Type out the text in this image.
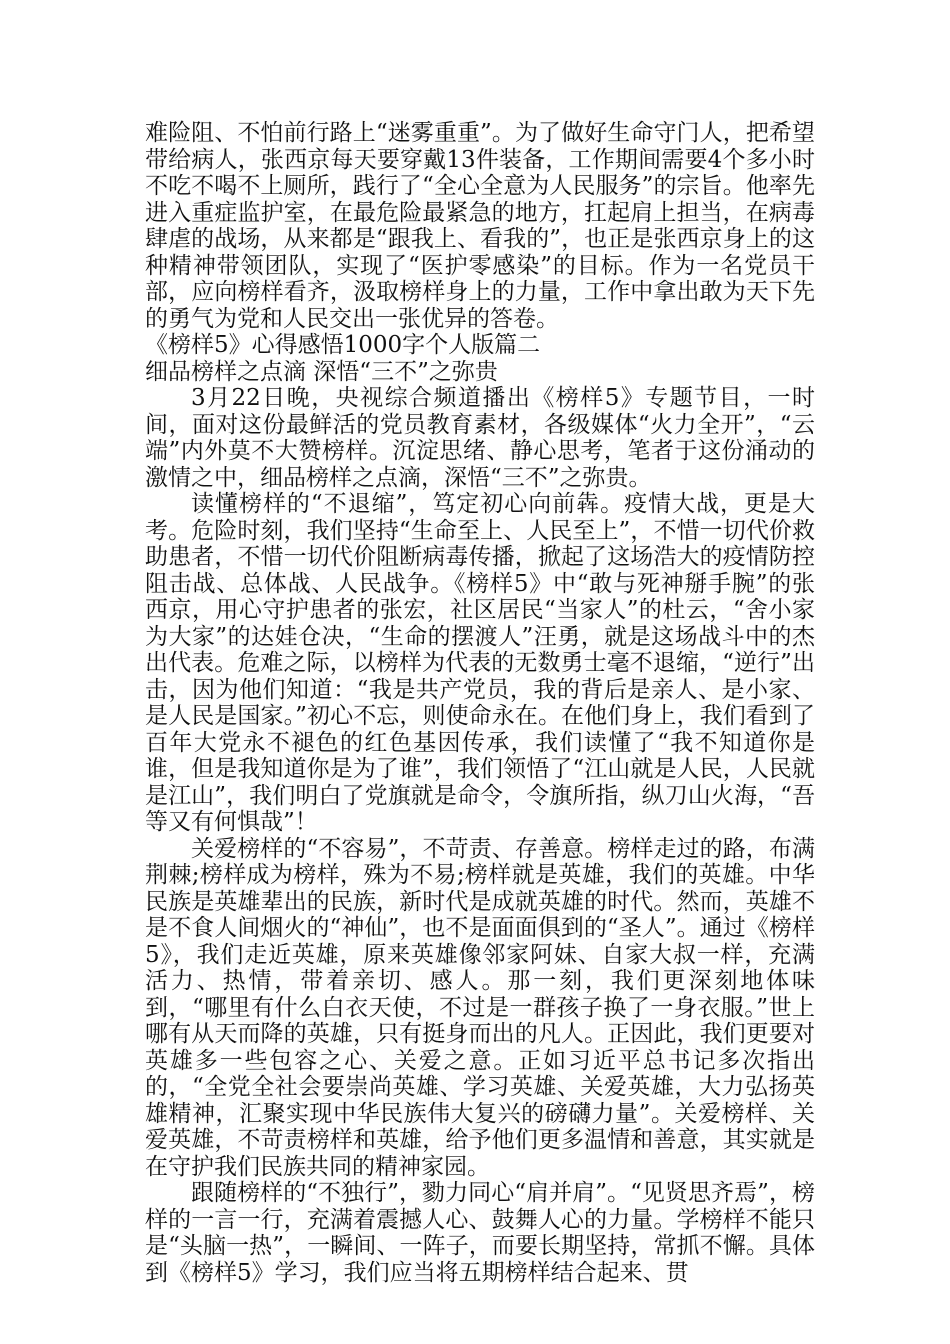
难险阻、不怕前行路上“迷雾重重”。为了做好生命守门人，把希望带给病人，张西京每天要穿戴13件装备，工作期间需要4个多小时不吃不喝不上厕所，践行了“全心全意为人民服务”的宗旨。他率先进入重症监护室，在最危险最紧急的地方，扛起肩上担当，在病毒肆虐的战场，从来都是“跟我上、看我的”，也正是张西京身上的这种精神带领团队，实现了“医护零感染”的目标。作为一名党员干部，应向榜样看齐，汲取榜样身上的力量，工作中拿出敢为天下先的勇气为党和人民交出一张优异的答卷。

《榜样5》心得感悟1000字个人版篇二

细品榜样之点滴 深悟“三不”之弥贵

3月22日晚，央视综合频道播出《榜样5》专题节目，一时间，面对这份最鲜活的党员教育素材，各级媒体“火力全开”，“云端”内外莫不大赞榜样。沉淀思绪、静心思考，笔者于这份涌动的激情之中，细品榜样之点滴，深悟“三不”之弥贵。

读懂榜样的“不退缩”，笃定初心向前犇。疫情大战，更是大考。危险时刻，我们坚持“生命至上、人民至上”，不惜一切代价救助患者，不惜一切代价阻断病毒传播，掀起了这场浩大的疫情防控阻击战、总体战、人民战争。《榜样5》中“敢与死神掰手腕”的张西京，用心守护患者的张宏，社区居民“当家人”的杜云，“舍小家为大家”的达娃仓决，“生命的摆渡人”汪勇，就是这场战斗中的杰出代表。危难之际，以榜样为代表的无数勇士毫不退缩，“逆行”出击，因为他们知道：“我是共产党员，我的背后是亲人、是小家、是人民是国家。”初心不忘，则使命永在。在他们身上，我们看到了百年大党永不褪色的红色基因传承，我们读懂了“我不知道你是谁，但是我知道你是为了谁”，我们领悟了“江山就是人民，人民就是江山”，我们明白了党旗就是命令，令旗所指，纵刀山火海，“吾等又有何惧哉”！

关爱榜样的“不容易”，不苛责、存善意。榜样走过的路，布满荆棘;榜样成为榜样，殊为不易;榜样就是英雄，我们的英雄。中华民族是英雄辈出的民族，新时代是成就英雄的时代。然而，英雄不是不食人间烟火的“神仙”，也不是面面俱到的“圣人”。通过《榜样5》，我们走近英雄，原来英雄像邻家阿妹、自家大叔一样，充满活力、热情，带着亲切、感人。那一刻，我们更深刻地体味到，“哪里有什么白衣天使，不过是一群孩子换了一身衣服。”世上哪有从天而降的英雄，只有挺身而出的凡人。正因此，我们更要对英雄多一些包容之心、关爱之意。正如习近平总书记多次指出的，“全党全社会要崇尚英雄、学习英雄、关爱英雄，大力弘扬英雄精神，汇聚实现中华民族伟大复兴的磅礴力量”。关爱榜样、关爱英雄，不苛责榜样和英雄，给予他们更多温情和善意，其实就是在守护我们民族共同的精神家园。

跟随榜样的“不独行”，勠力同心“肩并肩”。“见贤思齐焉”，榜样的一言一行，充满着震撼人心、鼓舞人心的力量。学榜样不能只是“头脑一热”，一瞬间、一阵子，而要长期坚持，常抓不懈。具体到《榜样5》学习，我们应当将五期榜样结合起来、贯
